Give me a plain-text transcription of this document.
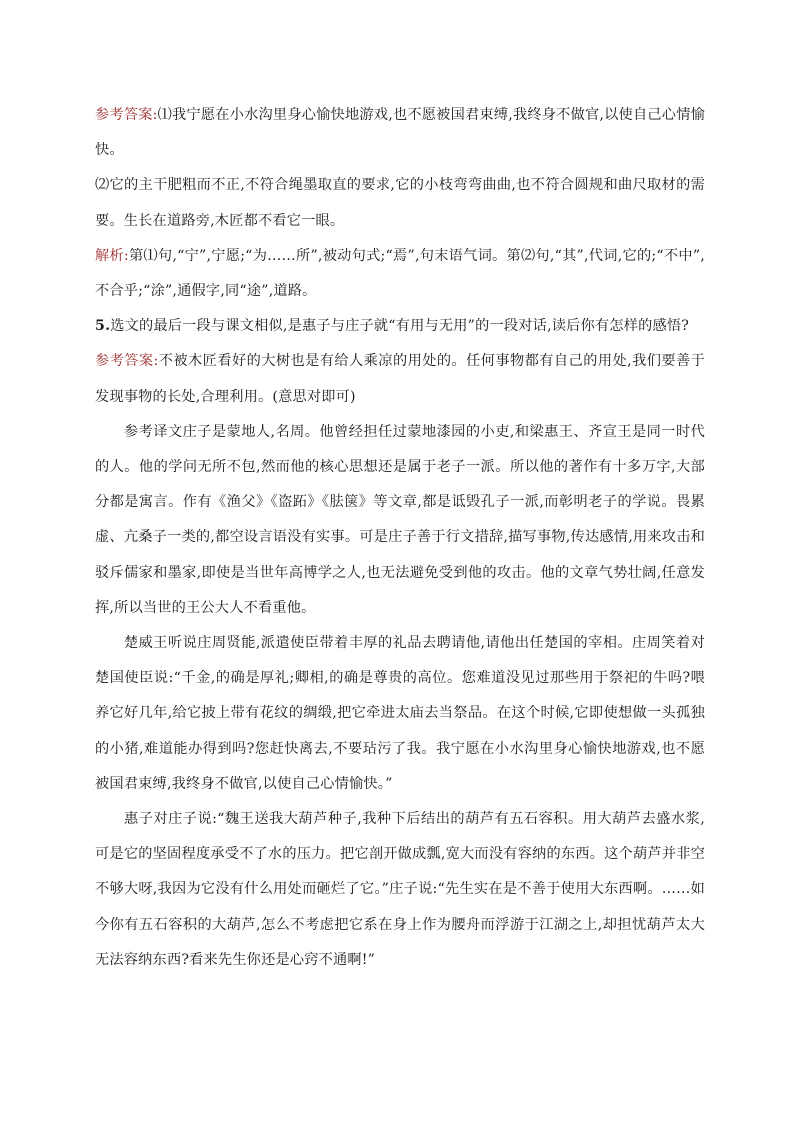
参考答案:⑴我宁愿在小水沟里身心愉快地游戏,也不愿被国君束缚,我终身不做官,以使自己心情愉快。

⑵它的主干肥粗而不正,不符合绳墨取直的要求,它的小枝弯弯曲曲,也不符合圆规和曲尺取材的需要。生长在道路旁,木匠都不看它一眼。

解析:第⑴句,“宁”,宁愿;“为……所”,被动句式;“焉”,句末语气词。第⑵句,“其”,代词,它的;“不中”,不合乎;“涂”,通假字,同“途”,道路。

5.选文的最后一段与课文相似,是惠子与庄子就“有用与无用”的一段对话,读后你有怎样的感悟?

参考答案:不被木匠看好的大树也是有给人乘凉的用处的。任何事物都有自己的用处,我们要善于发现事物的长处,合理利用。(意思对即可)

参考译文庄子是蒙地人,名周。他曾经担任过蒙地漆园的小吏,和梁惠王、齐宣王是同一时代的人。他的学问无所不包,然而他的核心思想还是属于老子一派。所以他的著作有十多万字,大部分都是寓言。作有《渔父》《盗跖》《胠箧》等文章,都是诋毁孔子一派,而彰明老子的学说。畏累虚、亢桑子一类的,都空设言语没有实事。可是庄子善于行文措辞,描写事物,传达感情,用来攻击和驳斥儒家和墨家,即使是当世年高博学之人,也无法避免受到他的攻击。他的文章气势壮阔,任意发挥,所以当世的王公大人不看重他。

楚威王听说庄周贤能,派遣使臣带着丰厚的礼品去聘请他,请他出任楚国的宰相。庄周笑着对楚国使臣说:“千金,的确是厚礼;卿相,的确是尊贵的高位。您难道没见过那些用于祭祀的牛吗?喂养它好几年,给它披上带有花纹的绸缎,把它牵进太庙去当祭品。在这个时候,它即使想做一头孤独的小猪,难道能办得到吗?您赶快离去,不要玷污了我。我宁愿在小水沟里身心愉快地游戏,也不愿被国君束缚,我终身不做官,以使自己心情愉快。”

惠子对庄子说:“魏王送我大葫芦种子,我种下后结出的葫芦有五石容积。用大葫芦去盛水浆,可是它的坚固程度承受不了水的压力。把它剖开做成瓢,宽大而没有容纳的东西。这个葫芦并非空不够大呀,我因为它没有什么用处而砸烂了它。”庄子说:“先生实在是不善于使用大东西啊。……如今你有五石容积的大葫芦,怎么不考虑把它系在身上作为腰舟而浮游于江湖之上,却担忧葫芦太大无法容纳东西?看来先生你还是心窍不通啊!”
